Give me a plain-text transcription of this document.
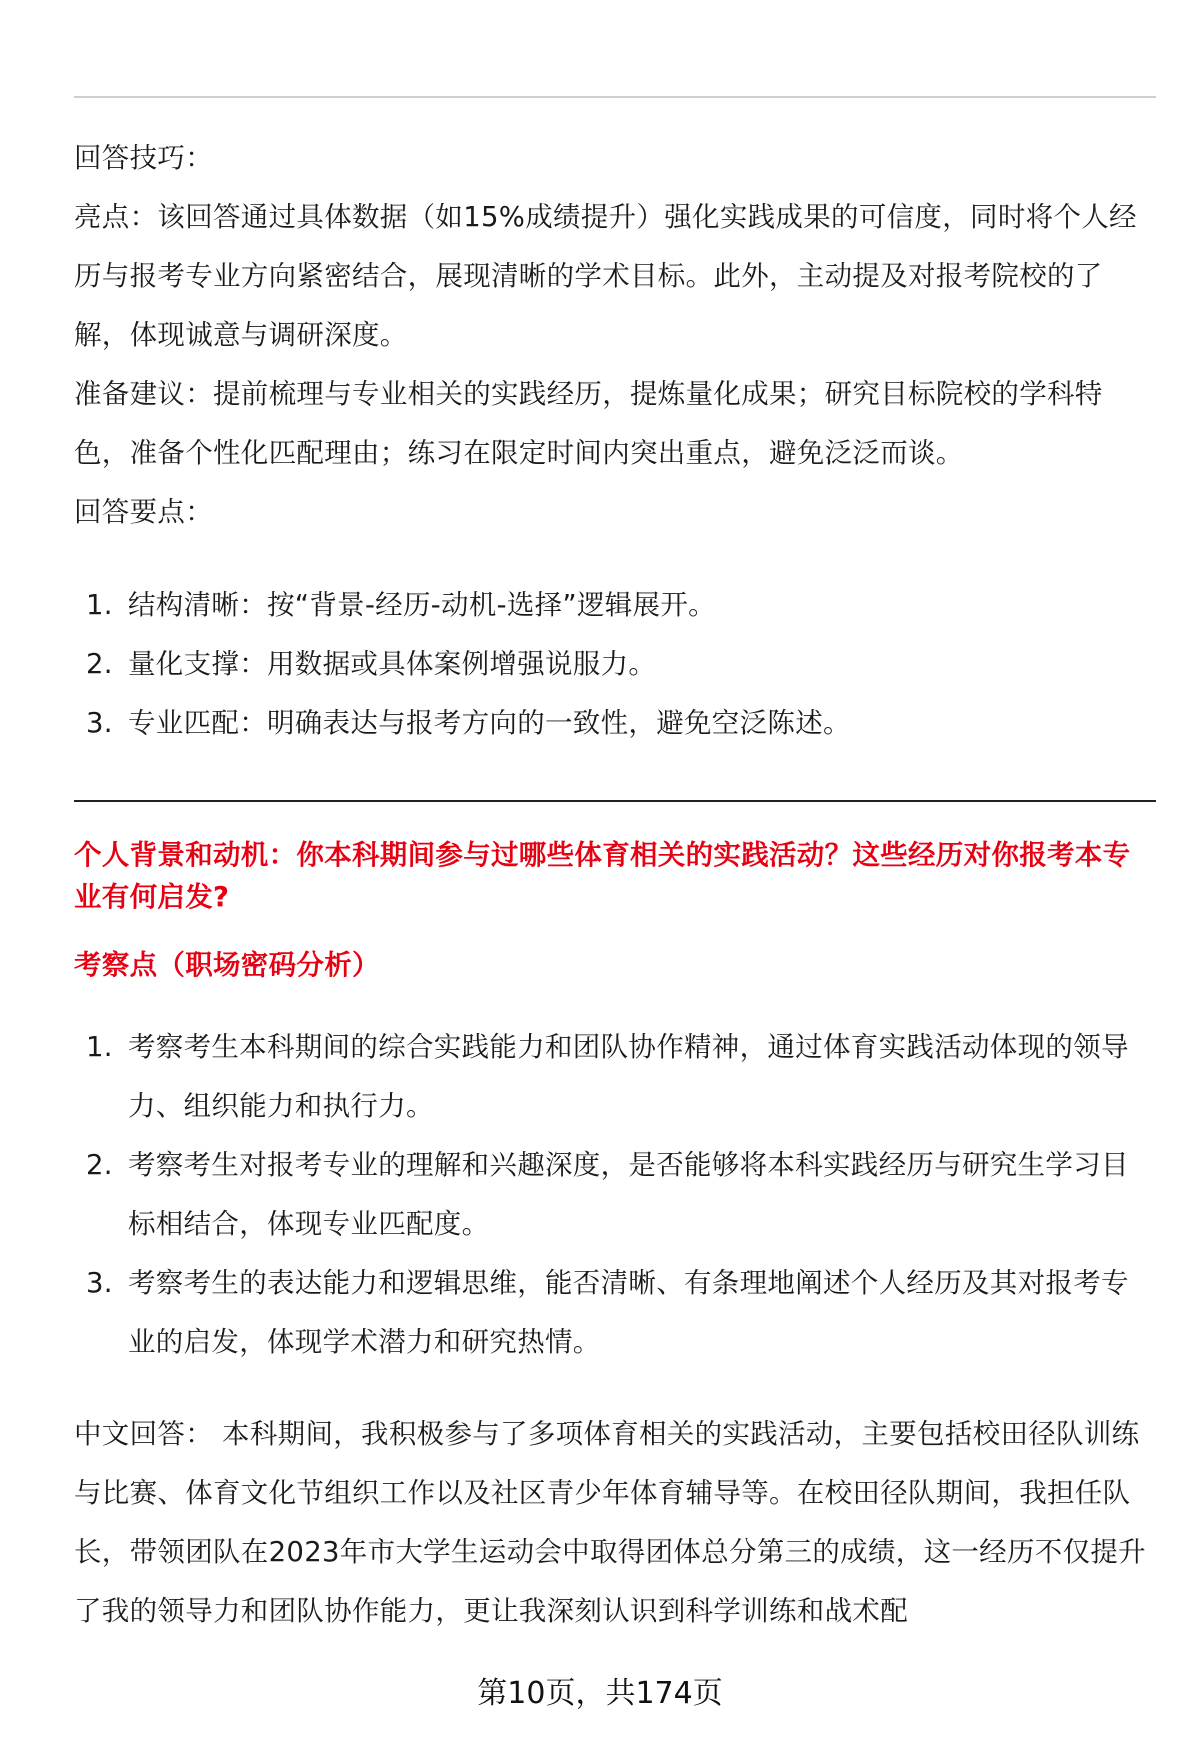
回答技巧：

亮点：该回答通过具体数据（如15%成绩提升）强化实践成果的可信度，同时将个人经历与报考专业方向紧密结合，展现清晰的学术目标。此外，主动提及对报考院校的了解，体现诚意与调研深度。

准备建议：提前梳理与专业相关的实践经历，提炼量化成果；研究目标院校的学科特色，准备个性化匹配理由；练习在限定时间内突出重点，避免泛泛而谈。

回答要点：

1. 结构清晰：按“背景-经历-动机-选择”逻辑展开。
2. 量化支撑：用数据或具体案例增强说服力。
3. 专业匹配：明确表达与报考方向的一致性，避免空泛陈述。
个人背景和动机：你本科期间参与过哪些体育相关的实践活动？这些经历对你报考本专业有何启发?
考察点（职场密码分析）
1. 考察考生本科期间的综合实践能力和团队协作精神，通过体育实践活动体现的领导力、组织能力和执行力。
2. 考察考生对报考专业的理解和兴趣深度，是否能够将本科实践经历与研究生学习目标相结合，体现专业匹配度。
3. 考察考生的表达能力和逻辑思维，能否清晰、有条理地阐述个人经历及其对报考专业的启发，体现学术潜力和研究热情。

中文回答： 本科期间，我积极参与了多项体育相关的实践活动，主要包括校田径队训练与比赛、体育文化节组织工作以及社区青少年体育辅导等。在校田径队期间，我担任队长，带领团队在2023年市大学生运动会中取得团体总分第三的成绩，这一经历不仅提升了我的领导力和团队协作能力，更让我深刻认识到科学训练和战术配

第10页，共174页
